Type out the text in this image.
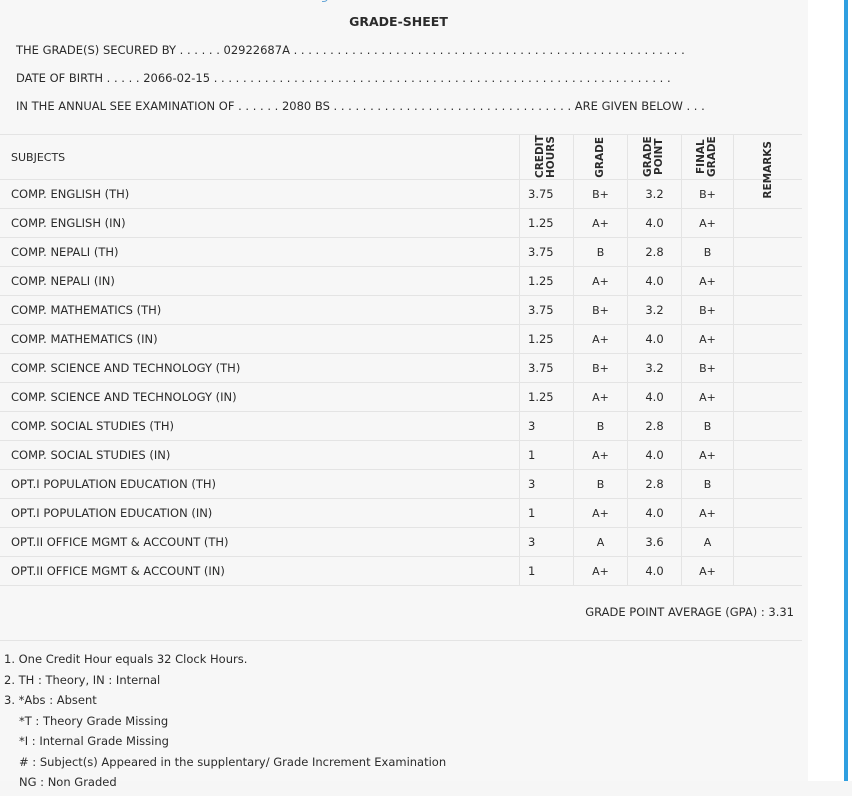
GRADE-SHEET
THE GRADE(S) SECURED BY . . . . . . 02922687A . . . . . . . . . . . . . . . . . . . . . . . . . . . . . . . . . . . . . . . . . . . . . . . . . . . . . .
DATE OF BIRTH . . . . . 2066-02-15 . . . . . . . . . . . . . . . . . . . . . . . . . . . . . . . . . . . . . . . . . . . . . . . . . . . . . . . . . . . . . . .
IN THE ANNUAL SEE EXAMINATION OF . . . . . . 2080 BS . . . . . . . . . . . . . . . . . . . . . . . . . . . . . . . . . ARE GIVEN BELOW . . .
SUBJECTS	CREDIT HOURS	GRADE	GRADE POINT	FINAL GRADE	REMARKS
COMP. ENGLISH (TH)	3.75	B+	3.2	B+
COMP. ENGLISH (IN)	1.25	A+	4.0	A+
COMP. NEPALI (TH)	3.75	B	2.8	B
COMP. NEPALI (IN)	1.25	A+	4.0	A+
COMP. MATHEMATICS (TH)	3.75	B+	3.2	B+
COMP. MATHEMATICS (IN)	1.25	A+	4.0	A+
COMP. SCIENCE AND TECHNOLOGY (TH)	3.75	B+	3.2	B+
COMP. SCIENCE AND TECHNOLOGY (IN)	1.25	A+	4.0	A+
COMP. SOCIAL STUDIES (TH)	3	B	2.8	B
COMP. SOCIAL STUDIES (IN)	1	A+	4.0	A+
OPT.I POPULATION EDUCATION (TH)	3	B	2.8	B
OPT.I POPULATION EDUCATION (IN)	1	A+	4.0	A+
OPT.II OFFICE MGMT & ACCOUNT (TH)	3	A	3.6	A
OPT.II OFFICE MGMT & ACCOUNT (IN)	1	A+	4.0	A+
GRADE POINT AVERAGE (GPA) : 3.31
1. One Credit Hour equals 32 Clock Hours.
2. TH : Theory, IN : Internal
3. *Abs : Absent
*T : Theory Grade Missing
*I : Internal Grade Missing
# : Subject(s) Appeared in the supplentary/ Grade Increment Examination
NG : Non Graded
